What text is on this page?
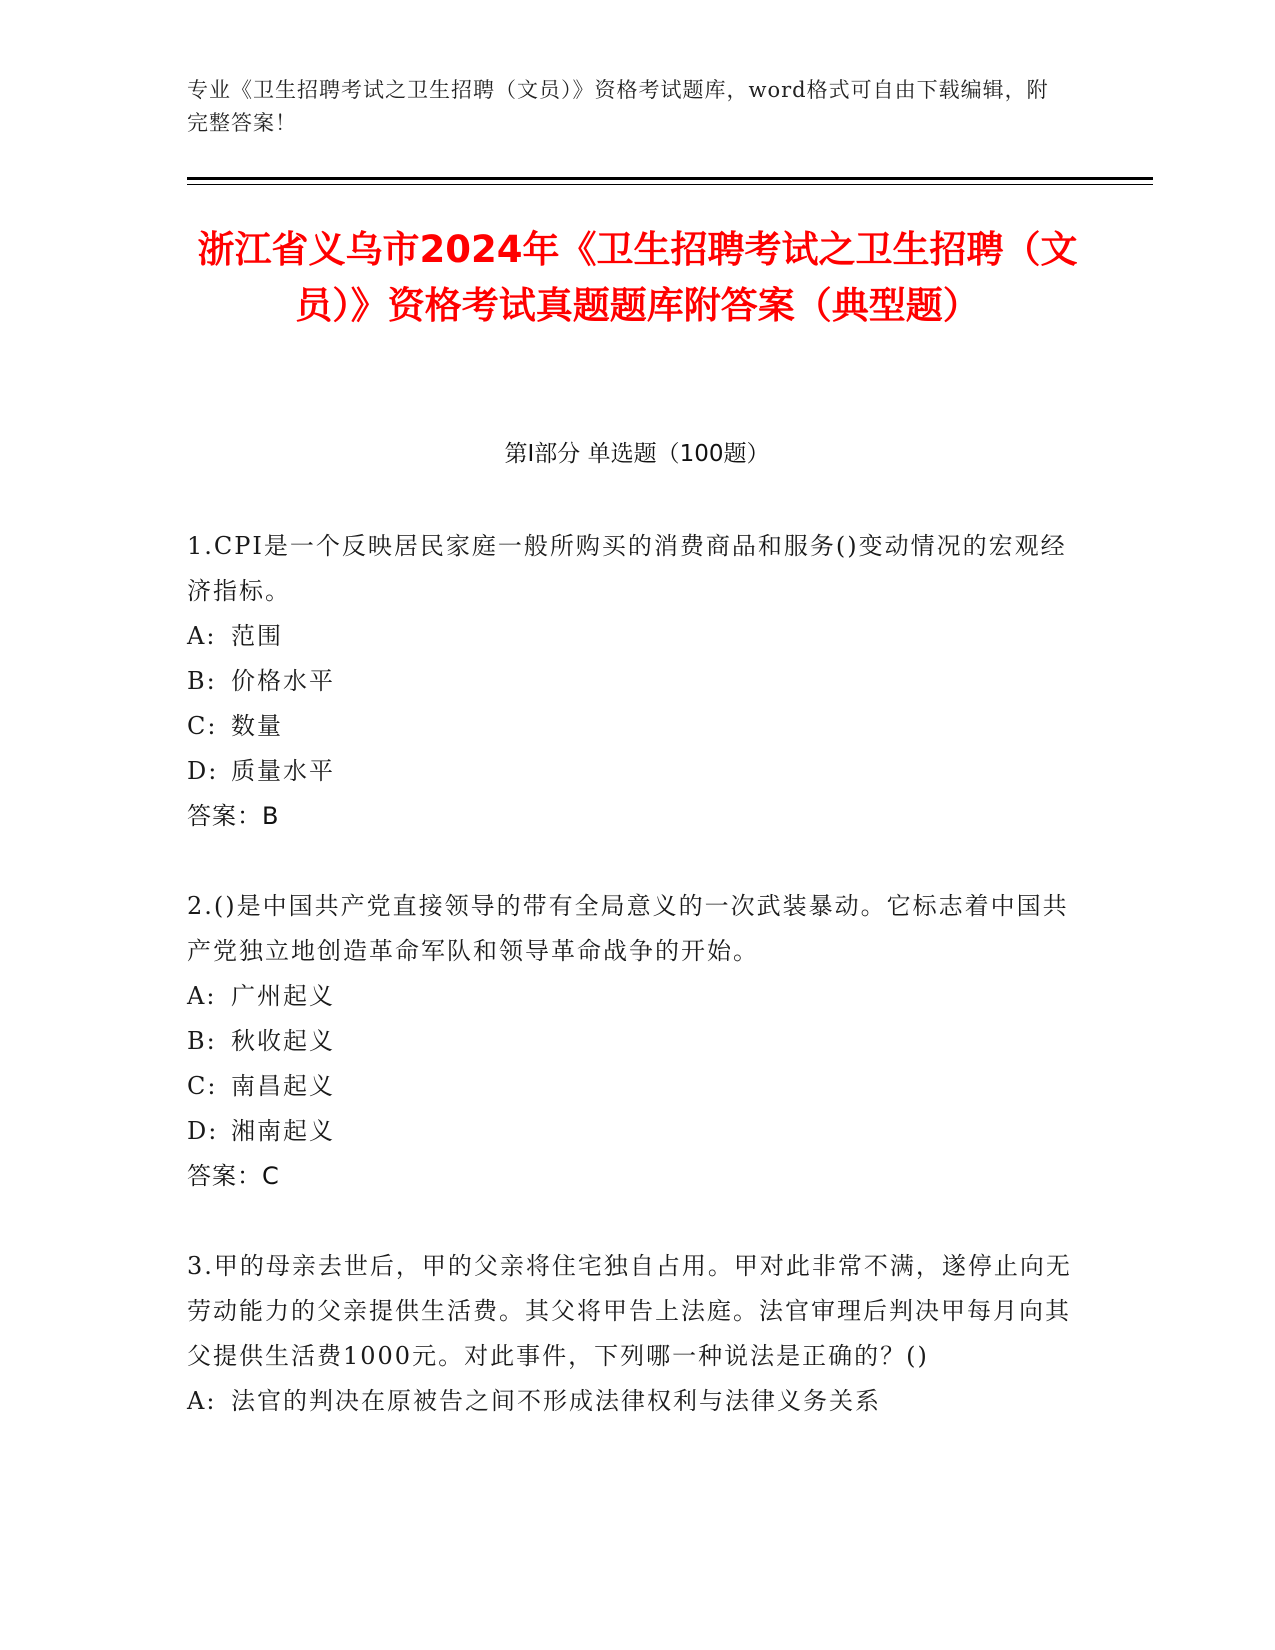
专业《卫生招聘考试之卫生招聘（文员）》资格考试题库，word格式可自由下载编辑，附完整答案！
浙江省义乌市2024年《卫生招聘考试之卫生招聘（文员）》资格考试真题题库附答案（典型题）
第Ⅰ部分 单选题（100题）
1.CPI是一个反映居民家庭一般所购买的消费商品和服务()变动情况的宏观经济指标。
A: 范围
B: 价格水平
C: 数量
D: 质量水平
答案：B
2.()是中国共产党直接领导的带有全局意义的一次武装暴动。它标志着中国共产党独立地创造革命军队和领导革命战争的开始。
A: 广州起义
B: 秋收起义
C: 南昌起义
D: 湘南起义
答案：C
3.甲的母亲去世后，甲的父亲将住宅独自占用。甲对此非常不满，遂停止向无劳动能力的父亲提供生活费。其父将甲告上法庭。法官审理后判决甲每月向其父提供生活费1000元。对此事件，下列哪一种说法是正确的？()
A: 法官的判决在原被告之间不形成法律权利与法律义务关系
